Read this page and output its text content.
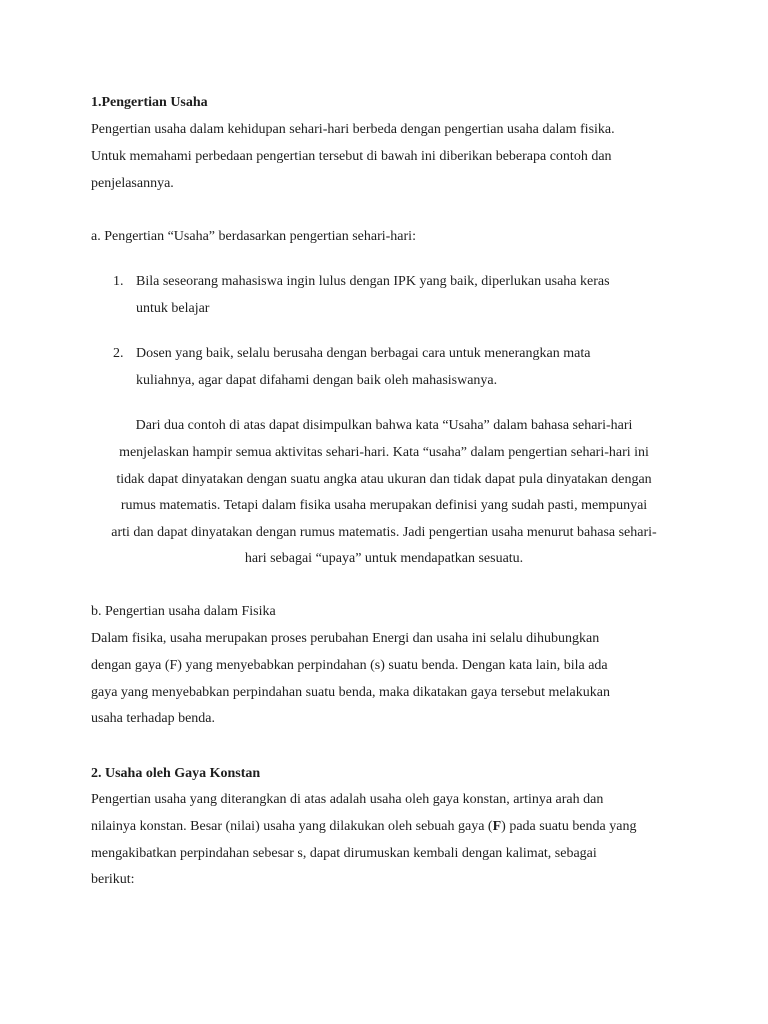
1.Pengertian Usaha
Pengertian usaha dalam kehidupan sehari-hari berbeda dengan pengertian usaha dalam fisika.
Untuk memahami perbedaan pengertian tersebut di bawah ini diberikan beberapa contoh dan
penjelasannya.
a. Pengertian “Usaha” berdasarkan pengertian sehari-hari:
1. Bila seseorang mahasiswa ingin lulus dengan IPK yang baik, diperlukan usaha keras
untuk belajar
2. Dosen yang baik, selalu berusaha dengan berbagai cara untuk menerangkan mata
kuliahnya, agar dapat difahami dengan baik oleh mahasiswanya.
Dari dua contoh di atas dapat disimpulkan bahwa kata “Usaha” dalam bahasa sehari-hari
menjelaskan hampir semua aktivitas sehari-hari. Kata “usaha” dalam pengertian sehari-hari ini
tidak dapat dinyatakan dengan suatu angka atau ukuran dan tidak dapat pula dinyatakan dengan
rumus matematis. Tetapi dalam fisika usaha merupakan definisi yang sudah pasti, mempunyai
arti dan dapat dinyatakan dengan rumus matematis. Jadi pengertian usaha menurut bahasa sehari-
hari sebagai “upaya” untuk mendapatkan sesuatu.
b. Pengertian usaha dalam Fisika
Dalam fisika, usaha merupakan proses perubahan Energi dan usaha ini selalu dihubungkan
dengan gaya (F) yang menyebabkan perpindahan (s) suatu benda. Dengan kata lain, bila ada
gaya yang menyebabkan perpindahan suatu benda, maka dikatakan gaya tersebut melakukan
usaha terhadap benda.
2. Usaha oleh Gaya Konstan
Pengertian usaha yang diterangkan di atas adalah usaha oleh gaya konstan, artinya arah dan
nilainya konstan. Besar (nilai) usaha yang dilakukan oleh sebuah gaya (F) pada suatu benda yang
mengakibatkan perpindahan sebesar s, dapat dirumuskan kembali dengan kalimat, sebagai
berikut:
